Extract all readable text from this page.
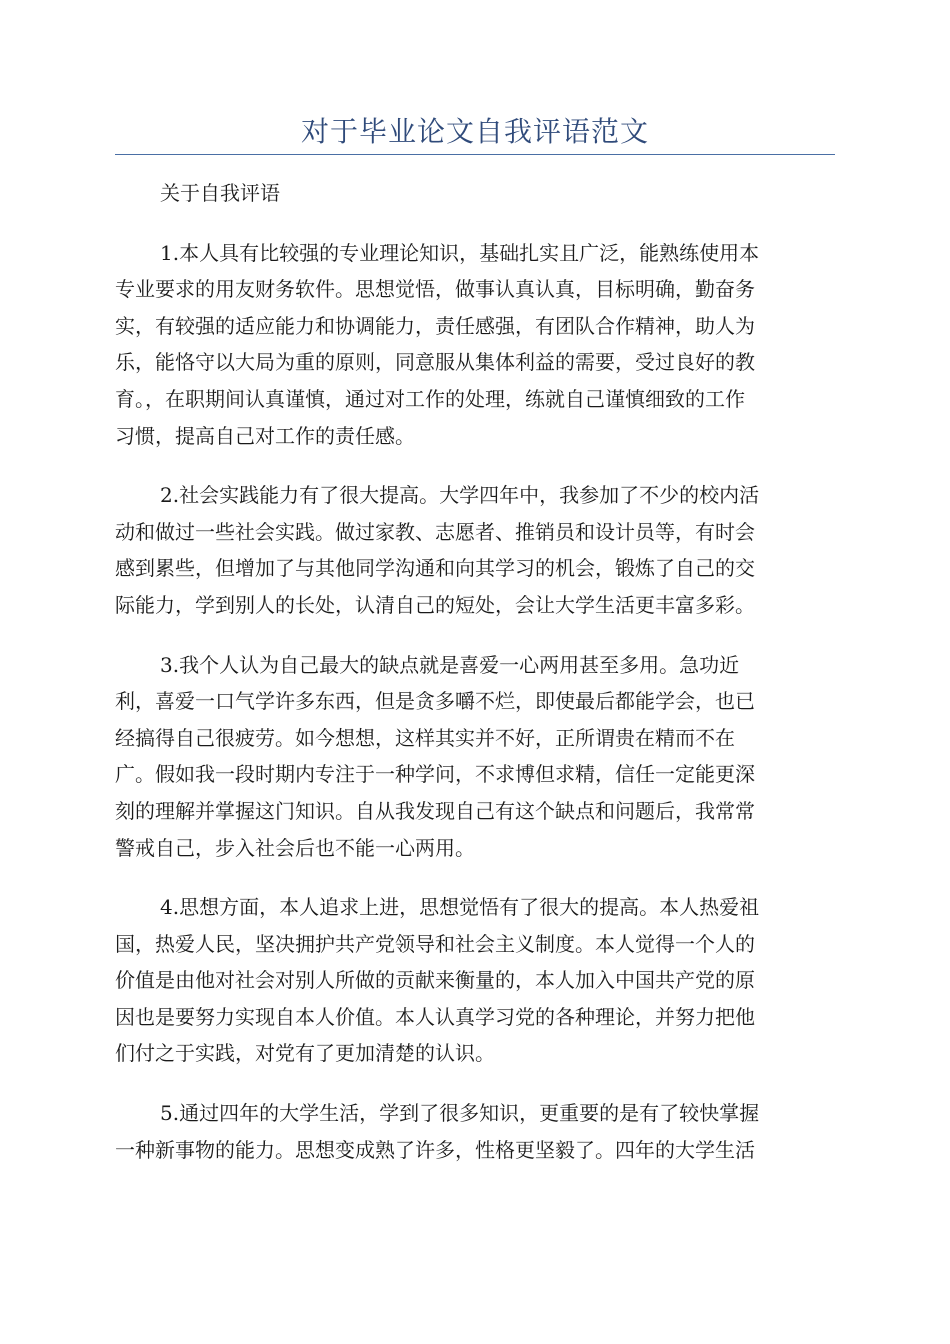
对于毕业论文自我评语范文
关于自我评语
1.本人具有比较强的专业理论知识，基础扎实且广泛，能熟练使用本
专业要求的用友财务软件。思想觉悟，做事认真认真，目标明确，勤奋务
实，有较强的适应能力和协调能力，责任感强，有团队合作精神，助人为
乐，能恪守以大局为重的原则，同意服从集体利益的需要，受过良好的教
育。，在职期间认真谨慎，通过对工作的处理，练就自己谨慎细致的工作
习惯，提高自己对工作的责任感。
2.社会实践能力有了很大提高。大学四年中，我参加了不少的校内活
动和做过一些社会实践。做过家教、志愿者、推销员和设计员等，有时会
感到累些，但增加了与其他同学沟通和向其学习的机会，锻炼了自己的交
际能力，学到别人的长处，认清自己的短处，会让大学生活更丰富多彩。
3.我个人认为自己最大的缺点就是喜爱一心两用甚至多用。急功近
利，喜爱一口气学许多东西，但是贪多嚼不烂，即使最后都能学会，也已
经搞得自己很疲劳。如今想想，这样其实并不好，正所谓贵在精而不在
广。假如我一段时期内专注于一种学问，不求博但求精，信任一定能更深
刻的理解并掌握这门知识。自从我发现自己有这个缺点和问题后，我常常
警戒自己，步入社会后也不能一心两用。
4.思想方面，本人追求上进，思想觉悟有了很大的提高。本人热爱祖
国，热爱人民，坚决拥护共产党领导和社会主义制度。本人觉得一个人的
价值是由他对社会对别人所做的贡献来衡量的，本人加入中国共产党的原
因也是要努力实现自本人价值。本人认真学习党的各种理论，并努力把他
们付之于实践，对党有了更加清楚的认识。
5.通过四年的大学生活，学到了很多知识，更重要的是有了较快掌握
一种新事物的能力。思想变成熟了许多，性格更坚毅了。四年的大学生活
